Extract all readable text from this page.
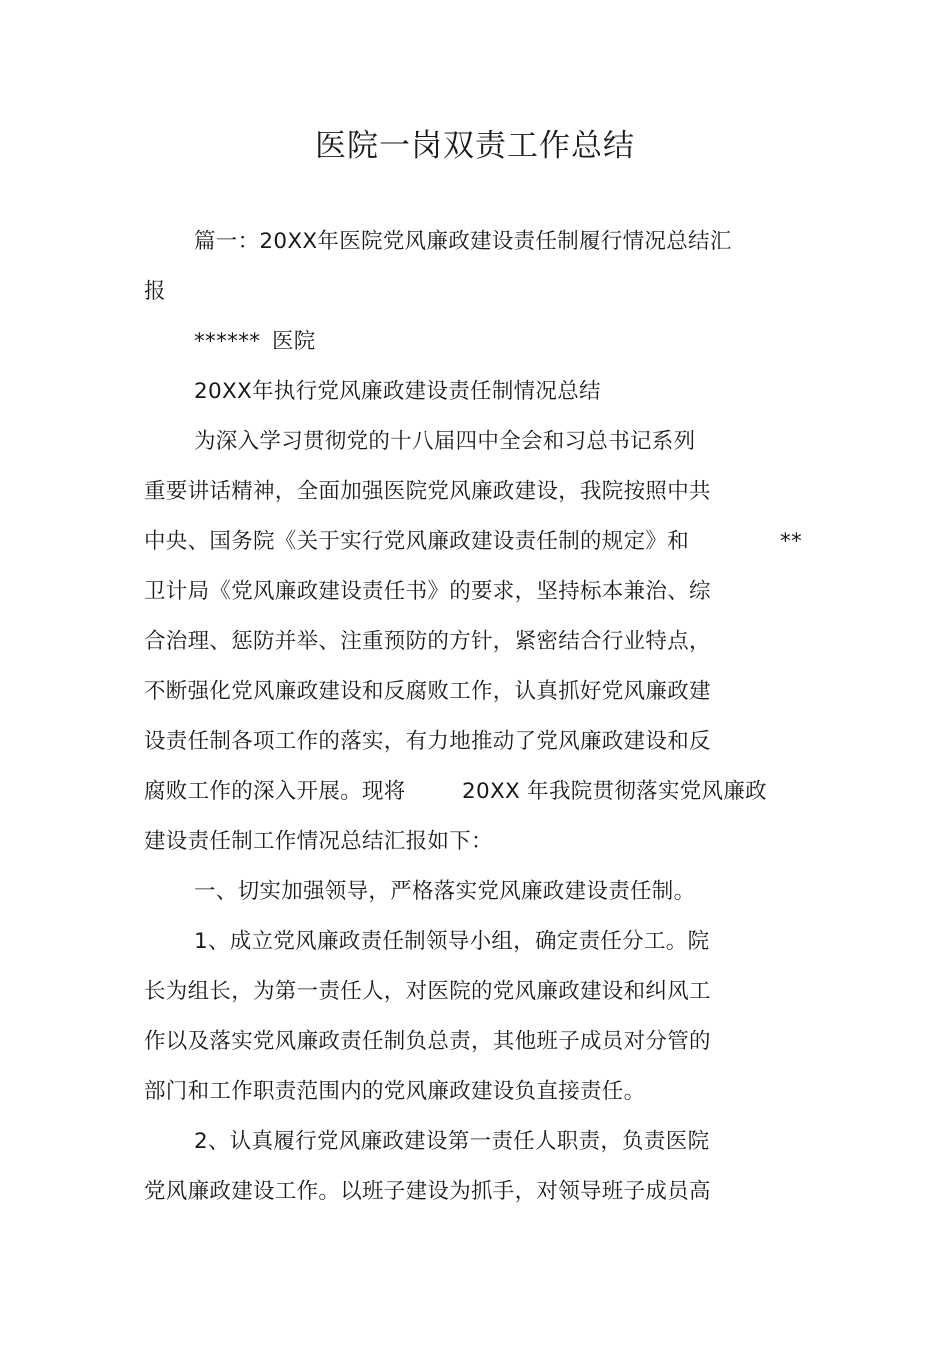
医院一岗双责工作总结
篇一：20XX年医院党风廉政建设责任制履行情况总结汇
报
****** 医院
20XX年执行党风廉政建设责任制情况总结
为深入学习贯彻党的十八届四中全会和习总书记系列
重要讲话精神，全面加强医院党风廉政建设，我院按照中共
中央、国务院《关于实行党风廉政建设责任制的规定》和	**
卫计局《党风廉政建设责任书》的要求，坚持标本兼治、综
合治理、惩防并举、注重预防的方针，紧密结合行业特点，
不断强化党风廉政建设和反腐败工作，认真抓好党风廉政建
设责任制各项工作的落实，有力地推动了党风廉政建设和反
腐败工作的深入开展。现将	20XX 年我院贯彻落实党风廉政
建设责任制工作情况总结汇报如下：
一、切实加强领导，严格落实党风廉政建设责任制。
1、成立党风廉政责任制领导小组，确定责任分工。院
长为组长，为第一责任人，对医院的党风廉政建设和纠风工
作以及落实党风廉政责任制负总责，其他班子成员对分管的
部门和工作职责范围内的党风廉政建设负直接责任。
2、认真履行党风廉政建设第一责任人职责，负责医院
党风廉政建设工作。以班子建设为抓手，对领导班子成员高
